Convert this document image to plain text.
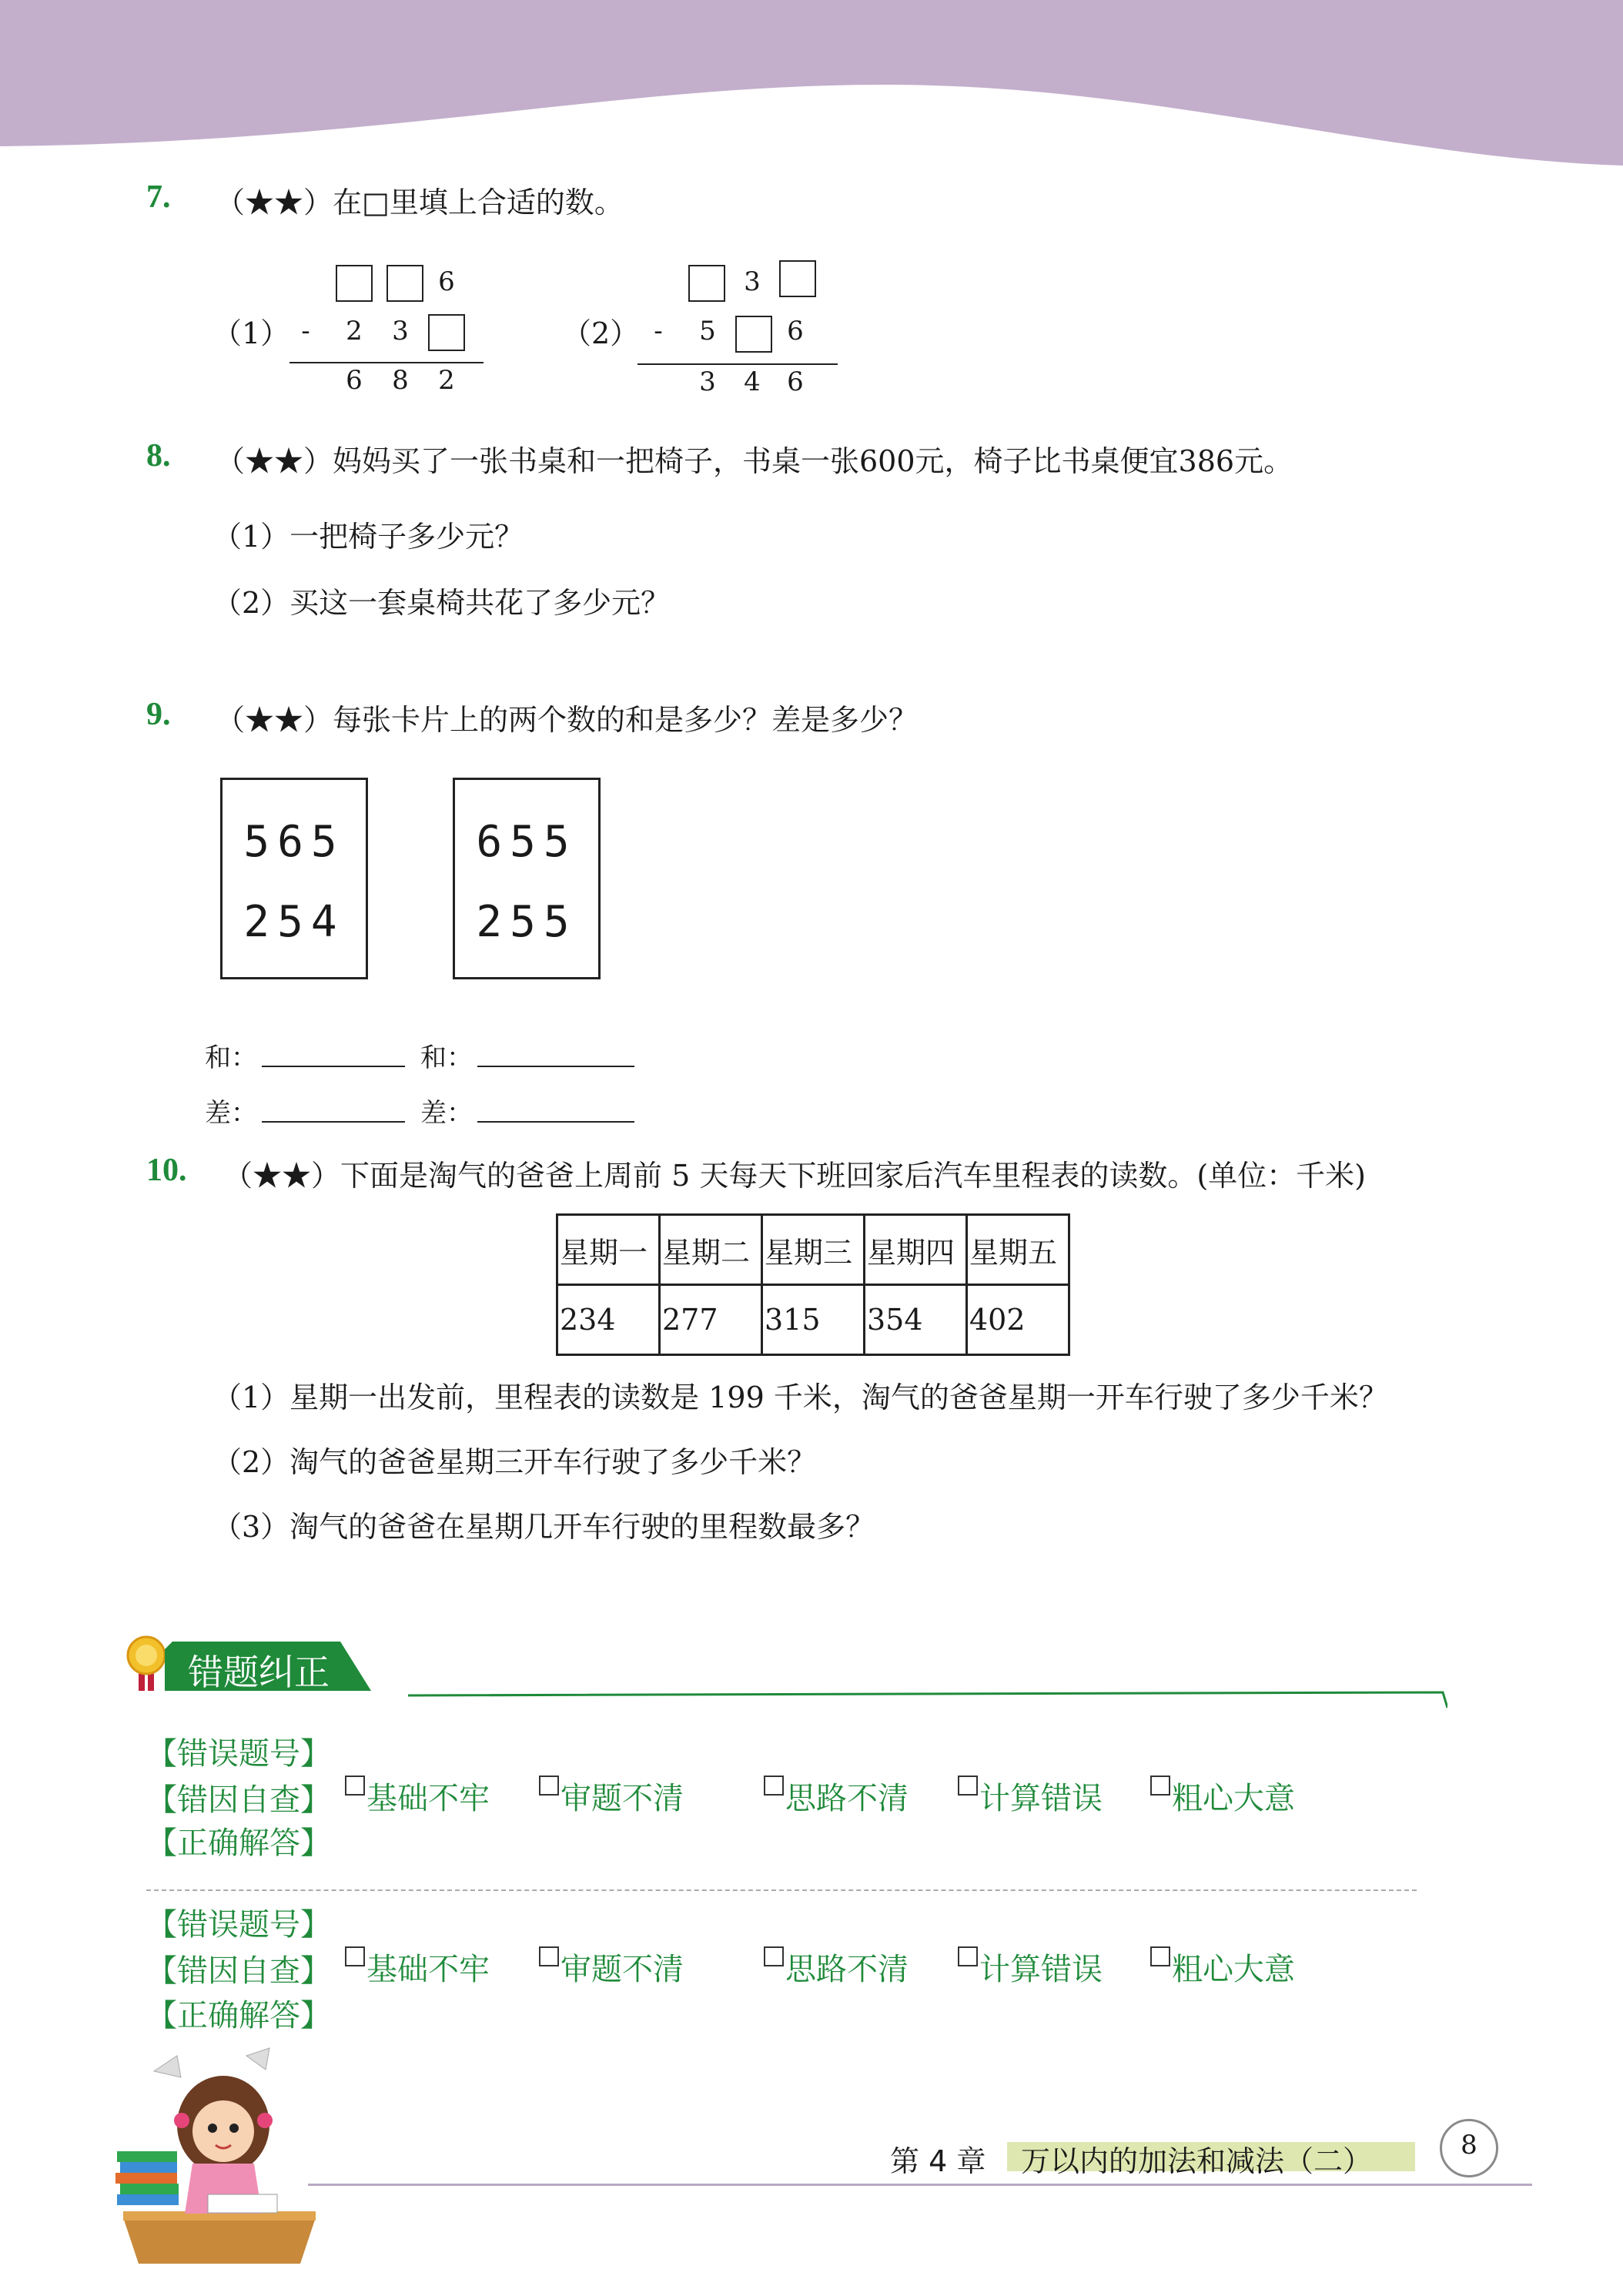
7. （★★）在□里填上合适的数。
（1）
6
- 2 3
6 8 2
（2）
3
- 5	6
3 4 6
8. （★★）妈妈买了一张书桌和一把椅子，书桌一张600元，椅子比书桌便宜386元。
（1）一把椅子多少元？
（2）买这一套桌椅共花了多少元？
9. （★★）每张卡片上的两个数的和是多少？差是多少？
565
254
655
255
和：	和：
差：	差：
10. （★★）下面是淘气的爸爸上周前 5 天每天下班回家后汽车里程表的读数。(单位：千米)
星期一	星期二	星期三	星期四	星期五
234	277	315	354	402
（1）星期一出发前，里程表的读数是 199 千米，淘气的爸爸星期一开车行驶了多少千米？
（2）淘气的爸爸星期三开车行驶了多少千米？
（3）淘气的爸爸在星期几开车行驶的里程数最多？
错题纠正
【错误题号】
【错因自查】	基础不牢	审题不清	思路不清	计算错误	粗心大意
【正确解答】
【错误题号】
【错因自查】	基础不牢	审题不清	思路不清	计算错误	粗心大意
【正确解答】
第 4 章 万以内的加法和减法（二）	8
